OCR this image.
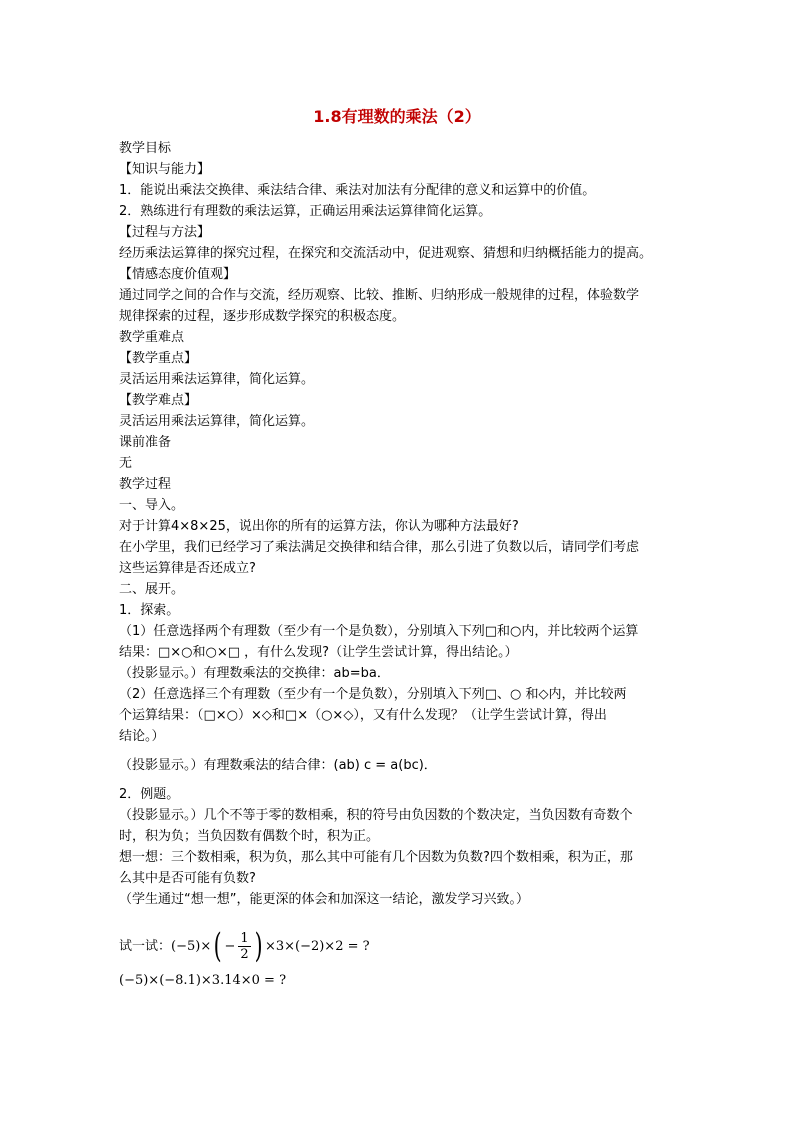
1.8有理数的乘法（2）

教学目标

【知识与能力】

1．能说出乘法交换律、乘法结合律、乘法对加法有分配律的意义和运算中的价值。

2．熟练进行有理数的乘法运算，正确运用乘法运算律简化运算。

【过程与方法】

经历乘法运算律的探究过程，在探究和交流活动中，促进观察、猜想和归纳概括能力的提高。

【情感态度价值观】

通过同学之间的合作与交流，经历观察、比较、推断、归纳形成一般规律的过程，体验数学

规律探索的过程，逐步形成数学探究的积极态度。

教学重难点

【教学重点】

灵活运用乘法运算律，简化运算。

【教学难点】

灵活运用乘法运算律，简化运算。

课前准备

无

教学过程

一、导入。

对于计算4×8×25，说出你的所有的运算方法，你认为哪种方法最好?

在小学里，我们已经学习了乘法满足交换律和结合律，那么引进了负数以后，请同学们考虑

这些运算律是否还成立?

二、展开。

1．探索。

（1）任意选择两个有理数（至少有一个是负数），分别填入下列□和○内，并比较两个运算

结果：□×○和○×□ ，有什么发现?（让学生尝试计算，得出结论。）

（投影显示。）有理数乘法的交换律：ab=ba．

（2）任意选择三个有理数（至少有一个是负数），分别填入下列□、○ 和◇内，并比较两

个运算结果：（□×○）×◇和□×（○×◇），又有什么发现？（让学生尝试计算，得出

结论。）

（投影显示。）有理数乘法的结合律：(ab) c = a(bc)．

2．例题。

（投影显示。）几个不等于零的数相乘，积的符号由负因数的个数决定，当负因数有奇数个

时，积为负；当负因数有偶数个时，积为正。

想一想：三个数相乘，积为负，那么其中可能有几个因数为负数?四个数相乘，积为正，那

么其中是否可能有负数?

（学生通过“想一想”，能更深的体会和加深这一结论，激发学习兴致。）

试一试： (−5)× ( − $\frac{1}{2}$ ) ×3×(−2)×2 = ?

(−5)×(−8.1)×3.14×0 = ?
